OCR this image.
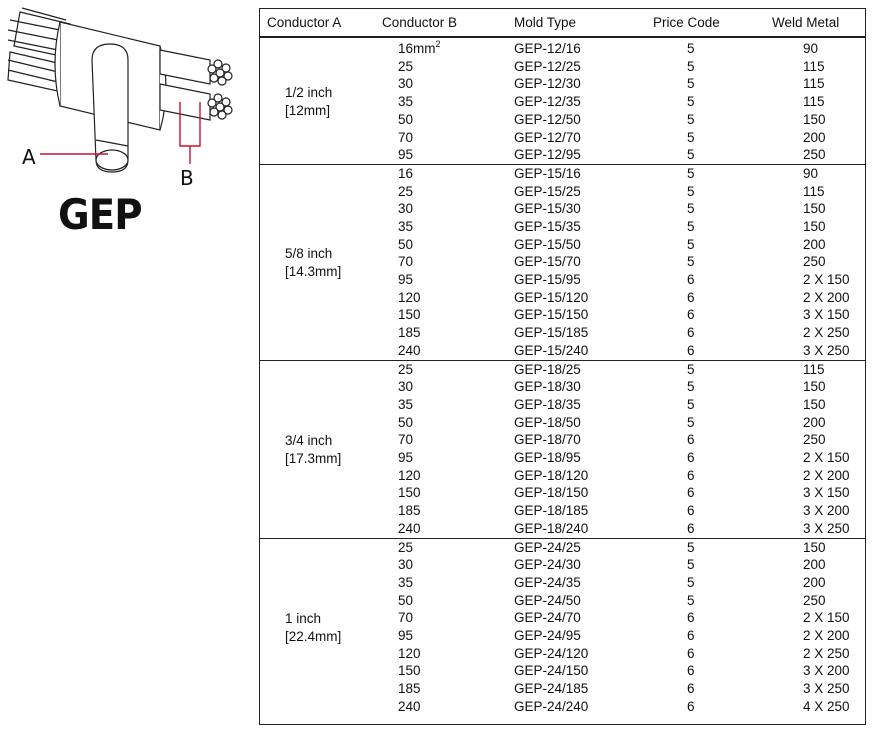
A
B
GEP
Conductor A	Conductor B	Mold Type	Price Code	Weld Metal
1/2 inch
[12mm]
$16mm^2$	GEP-12/16	5	90
25	GEP-12/25	5	115
30	GEP-12/30	5	115
35	GEP-12/35	5	115
50	GEP-12/50	5	150
70	GEP-12/70	5	200
95	GEP-12/95	5	250
5/8 inch
[14.3mm]
16	GEP-15/16	5	90
25	GEP-15/25	5	115
30	GEP-15/30	5	150
35	GEP-15/35	5	150
50	GEP-15/50	5	200
70	GEP-15/70	5	250
95	GEP-15/95	6	2 X 150
120	GEP-15/120	6	2 X 200
150	GEP-15/150	6	3 X 150
185	GEP-15/185	6	2 X 250
240	GEP-15/240	6	3 X 250
3/4 inch
[17.3mm]
25	GEP-18/25	5	115
30	GEP-18/30	5	150
35	GEP-18/35	5	150
50	GEP-18/50	5	200
70	GEP-18/70	6	250
95	GEP-18/95	6	2 X 150
120	GEP-18/120	6	2 X 200
150	GEP-18/150	6	3 X 150
185	GEP-18/185	6	3 X 200
240	GEP-18/240	6	3 X 250
1 inch
[22.4mm]
25	GEP-24/25	5	150
30	GEP-24/30	5	200
35	GEP-24/35	5	200
50	GEP-24/50	5	250
70	GEP-24/70	6	2 X 150
95	GEP-24/95	6	2 X 200
120	GEP-24/120	6	2 X 250
150	GEP-24/150	6	3 X 200
185	GEP-24/185	6	3 X 250
240	GEP-24/240	6	4 X 250
